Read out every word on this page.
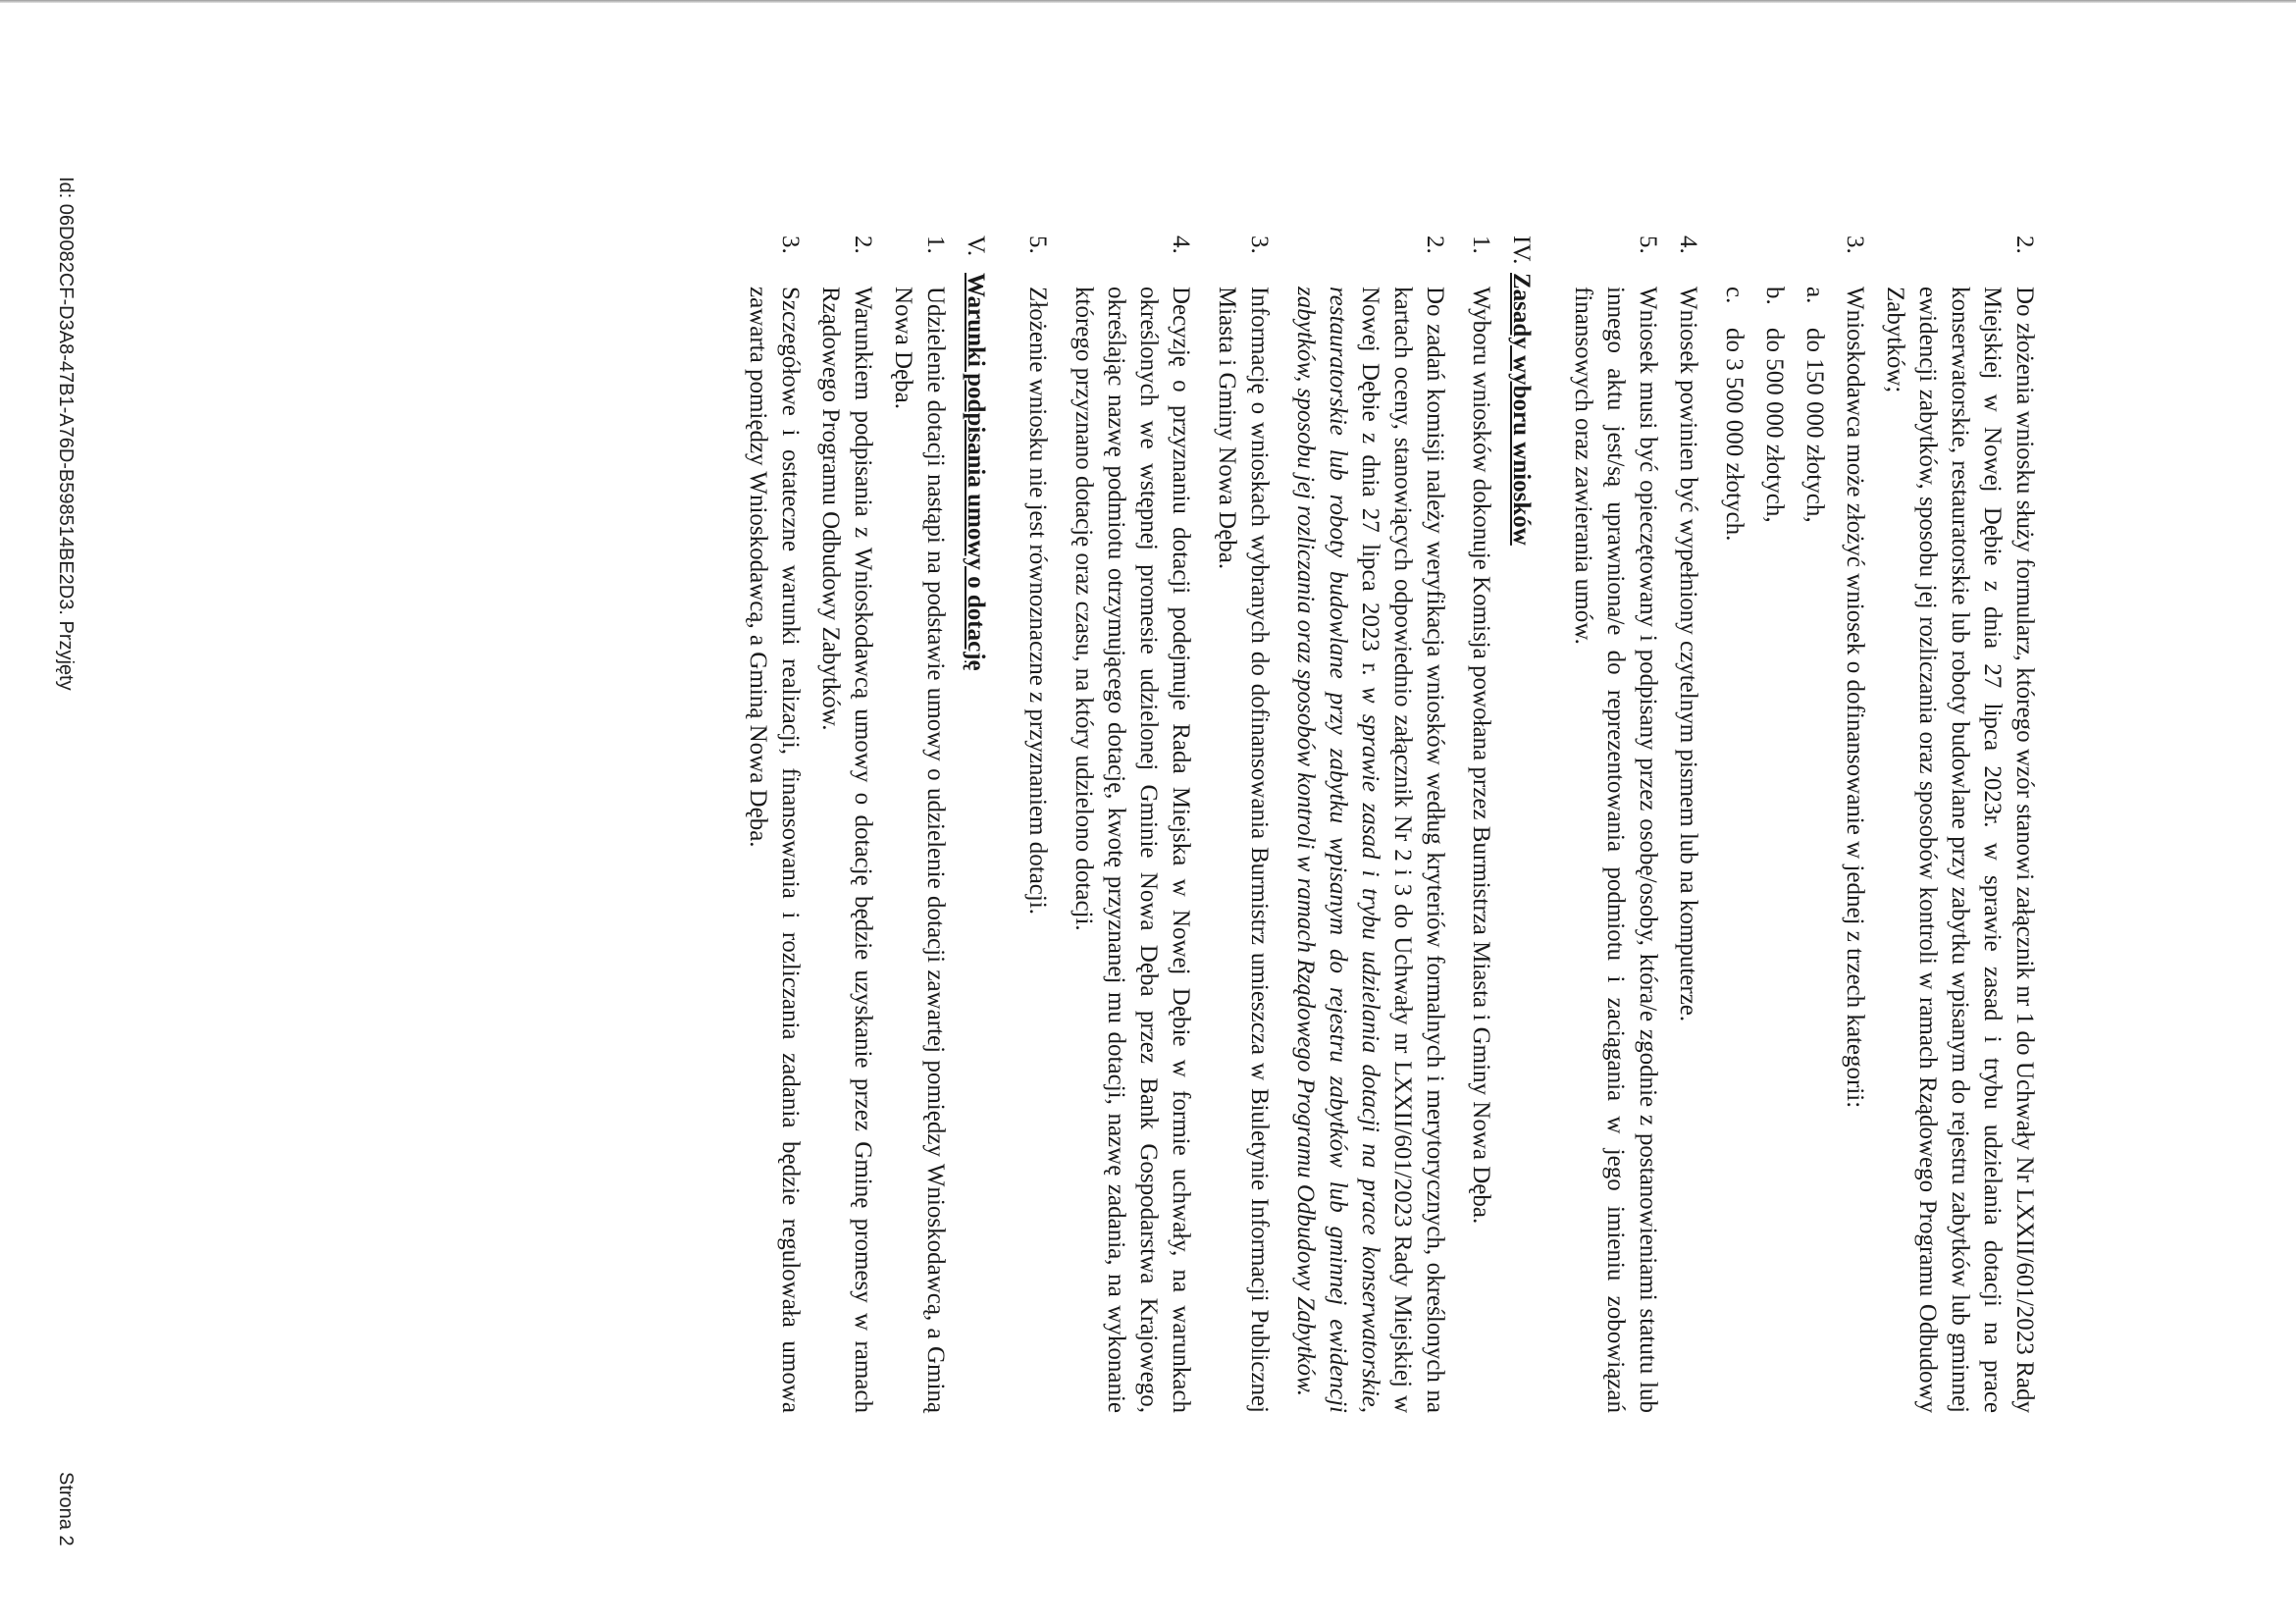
Id: 06D082CF-D3A8-47B1-A76D-B598514BE2D3. Przyjęty
Strona 2
2.
Do złożenia wniosku służy formularz, którego wzór stanowi załącznik nr 1 do Uchwały Nr LXXII/601/2023 Rady Miejskiej w Nowej Dębie z dnia 27 lipca 2023r. w sprawie zasad i trybu udzielania dotacji na prace konserwatorskie, restauratorskie lub roboty budowlane przy zabytku wpisanym do rejestru zabytków lub gminnej ewidencji zabytków, sposobu jej rozliczania oraz sposobów kontroli w ramach Rządowego Programu Odbudowy Zabytków;
3.
Wnioskodawca może złożyć wniosek o dofinansowanie w jednej z trzech kategorii:
a.
do 150 000 złotych,
b.
do 500 000 złotych,
c.
do 3 500 000 złotych.
4.
Wniosek powinien być wypełniony czytelnym pismem lub na komputerze.
5.
Wniosek musi być opieczętowany i podpisany przez osobę/osoby, która/e zgodnie z postanowieniami statutu lub innego aktu jest/są uprawniona/e do reprezentowania podmiotu i zaciągania w jego imieniu zobowiązań finansowych oraz zawierania umów.
IV.
Zasady wyboru wniosków
1.
Wyboru wniosków dokonuje Komisja powołana przez Burmistrza Miasta i Gminy Nowa Dęba.
2.
Do zadań komisji należy weryfikacja wniosków według kryteriów formalnych i merytorycznych, określonych na kartach oceny, stanowiących odpowiednio załącznik Nr 2 i 3 do Uchwały nr LXXII/601/2023 Rady Miejskiej w Nowej Dębie z dnia 27 lipca 2023 r. w sprawie zasad i trybu udzielania dotacji na prace konserwatorskie, restauratorskie lub roboty budowlane przy zabytku wpisanym do rejestru zabytków lub gminnej ewidencji zabytków, sposobu jej rozliczania oraz sposobów kontroli w ramach Rządowego Programu Odbudowy Zabytków.
3.
Informację o wnioskach wybranych do dofinansowania Burmistrz umieszcza w Biuletynie Informacji Publicznej Miasta i Gminy Nowa Dęba.
4.
Decyzję o przyznaniu dotacji podejmuje Rada Miejska w Nowej Dębie w formie uchwały, na warunkach określonych we wstępnej promesie udzielonej Gminie Nowa Dęba przez Bank Gospodarstwa Krajowego, określając nazwę podmiotu otrzymującego dotację, kwotę przyznanej mu dotacji, nazwę zadania, na wykonanie którego przyznano dotację oraz czasu, na który udzielono dotacji.
5.
Złożenie wniosku nie jest równoznaczne z przyznaniem dotacji.
V.
Warunki podpisania umowy o dotację
1.
Udzielenie dotacji nastąpi na podstawie umowy o udzielenie dotacji zawartej pomiędzy Wnioskodawcą, a Gminą Nowa Dęba.
2.
Warunkiem podpisania z Wnioskodawcą umowy o dotację będzie uzyskanie przez Gminę promesy w ramach Rządowego Programu Odbudowy Zabytków.
3.
Szczegółowe i ostateczne warunki realizacji, finansowania i rozliczania zadania będzie regulowała umowa zawarta pomiędzy Wnioskodawcą, a Gminą Nowa Dęba.
